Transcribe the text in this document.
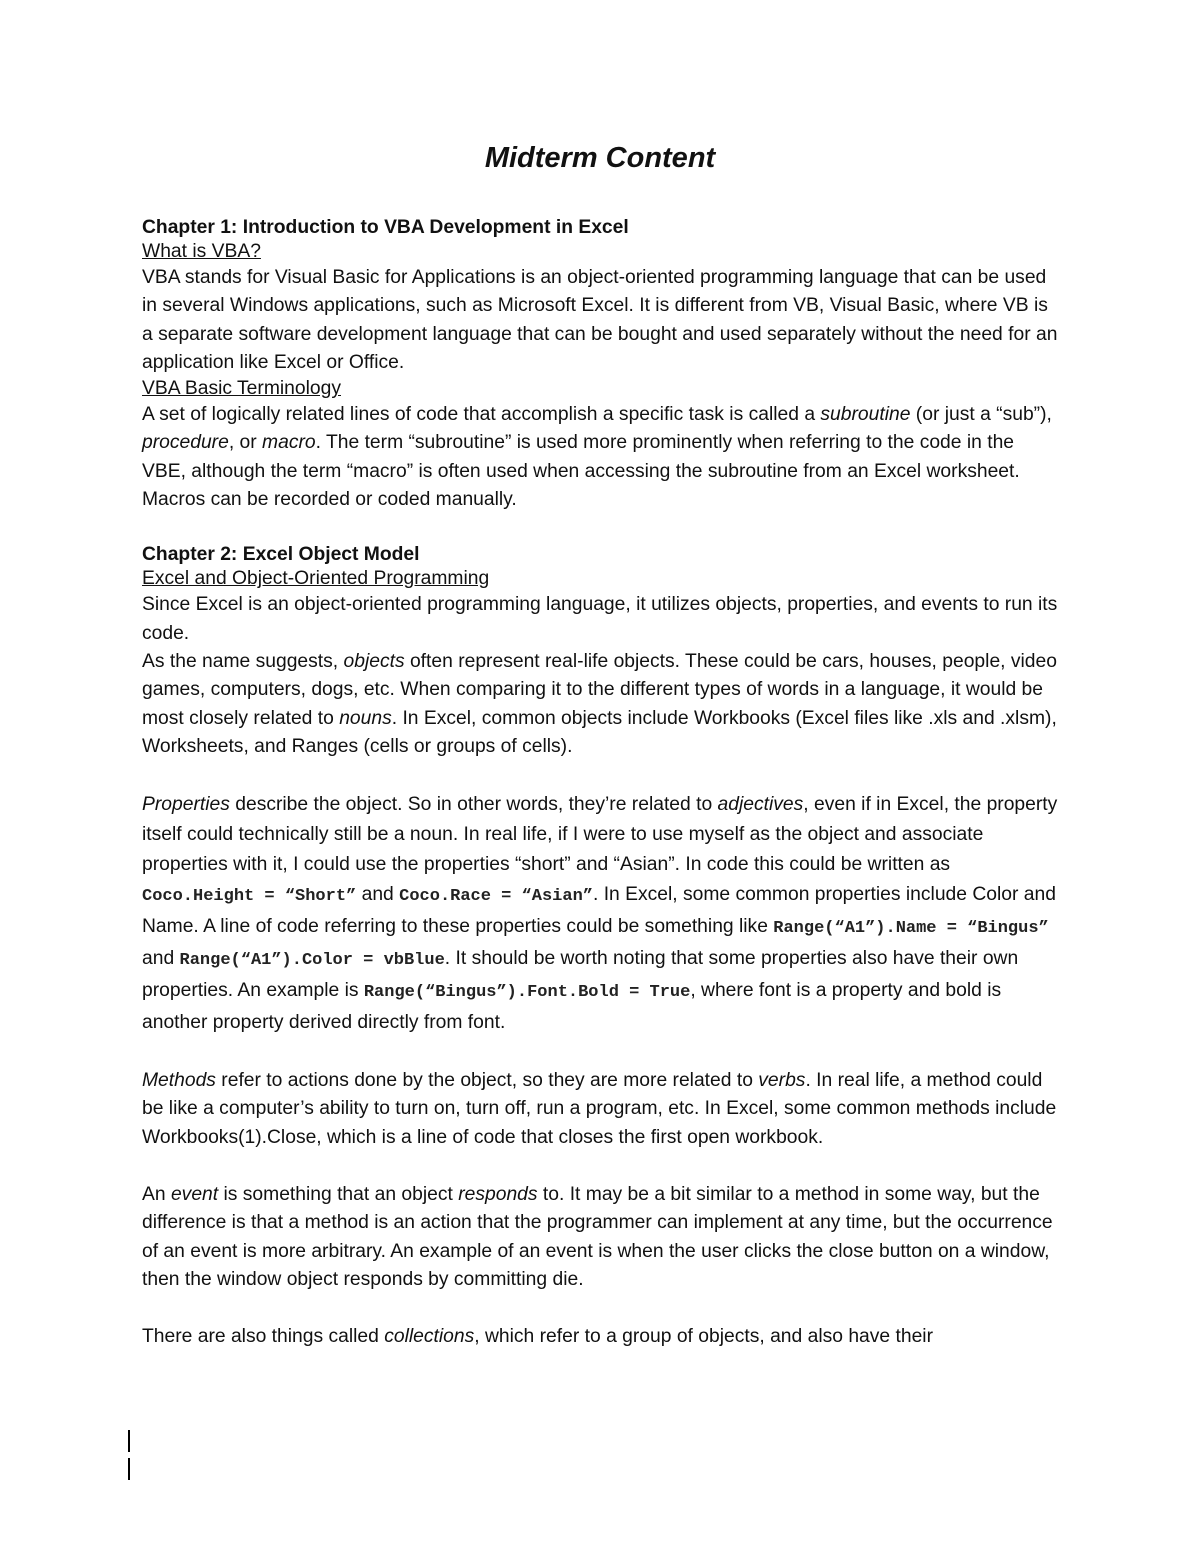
Midterm Content

Chapter 1: Introduction to VBA Development in Excel

What is VBA?

VBA stands for Visual Basic for Applications is an object-oriented programming language that can be used in several Windows applications, such as Microsoft Excel. It is different from VB, Visual Basic, where VB is a separate software development language that can be bought and used separately without the need for an application like Excel or Office.

VBA Basic Terminology

A set of logically related lines of code that accomplish a specific task is called a subroutine (or just a “sub”), procedure, or macro. The term “subroutine” is used more prominently when referring to the code in the VBE, although the term “macro” is often used when accessing the subroutine from an Excel worksheet. Macros can be recorded or coded manually.

Chapter 2: Excel Object Model

Excel and Object-Oriented Programming

Since Excel is an object-oriented programming language, it utilizes objects, properties, and events to run its code.

As the name suggests, objects often represent real-life objects. These could be cars, houses, people, video games, computers, dogs, etc. When comparing it to the different types of words in a language, it would be most closely related to nouns. In Excel, common objects include Workbooks (Excel files like .xls and .xlsm), Worksheets, and Ranges (cells or groups of cells).

Properties describe the object. So in other words, they’re related to adjectives, even if in Excel, the property itself could technically still be a noun. In real life, if I were to use myself as the object and associate properties with it, I could use the properties “short” and “Asian”. In code this could be written as Coco.Height = “Short” and Coco.Race = “Asian”. In Excel, some common properties include Color and Name. A line of code referring to these properties could be something like Range(“A1”).Name = “Bingus” and Range(“A1”).Color = vbBlue. It should be worth noting that some properties also have their own properties. An example is Range(“Bingus”).Font.Bold = True, where font is a property and bold is another property derived directly from font.

Methods refer to actions done by the object, so they are more related to verbs. In real life, a method could be like a computer’s ability to turn on, turn off, run a program, etc. In Excel, some common methods include Workbooks(1).Close, which is a line of code that closes the first open workbook.

An event is something that an object responds to. It may be a bit similar to a method in some way, but the difference is that a method is an action that the programmer can implement at any time, but the occurrence of an event is more arbitrary. An example of an event is when the user clicks the close button on a window, then the window object responds by committing die.

There are also things called collections, which refer to a group of objects, and also have their
